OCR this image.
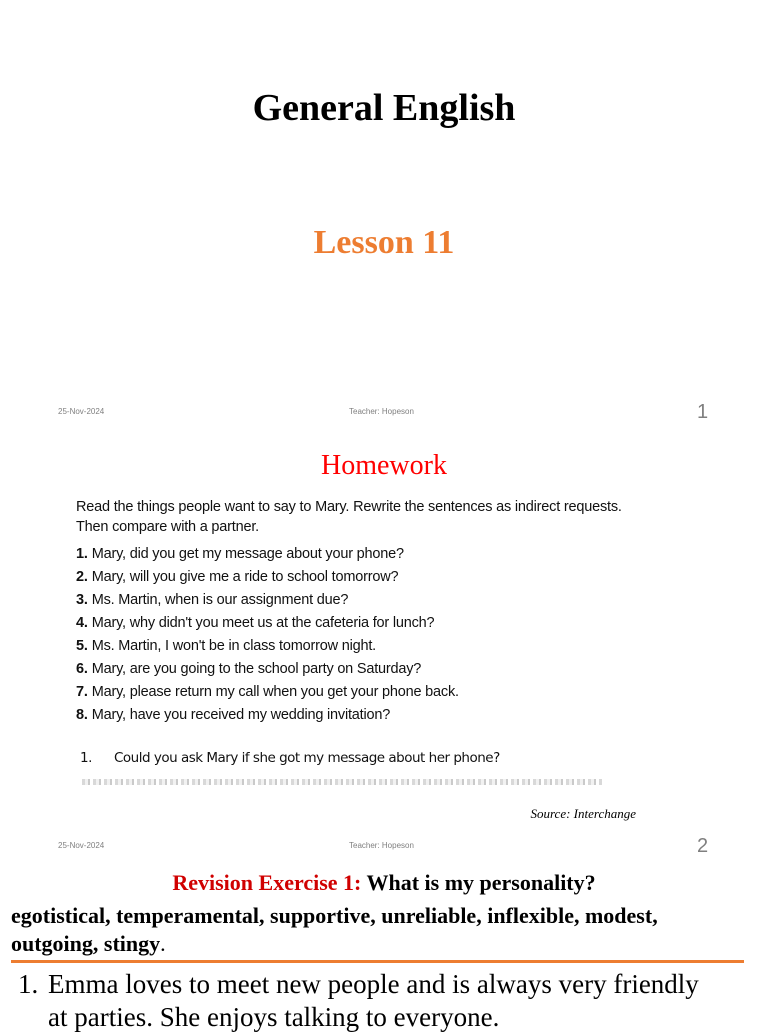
General English
Lesson 11
25-Nov-2024	Teacher: Hopeson	1
Homework
Read the things people want to say to Mary. Rewrite the sentences as indirect requests.
Then compare with a partner.
1. Mary, did you get my message about your phone?
2. Mary, will you give me a ride to school tomorrow?
3. Ms. Martin, when is our assignment due?
4. Mary, why didn't you meet us at the cafeteria for lunch?
5. Ms. Martin, I won't be in class tomorrow night.
6. Mary, are you going to the school party on Saturday?
7. Mary, please return my call when you get your phone back.
8. Mary, have you received my wedding invitation?
1. Could you ask Mary if she got my message about her phone?
Source: Interchange
25-Nov-2024	Teacher: Hopeson	2
Revision Exercise 1: What is my personality?
egotistical, temperamental, supportive, unreliable, inflexible, modest,
outgoing, stingy.
1. Emma loves to meet new people and is always very friendly
at parties. She enjoys talking to everyone.
